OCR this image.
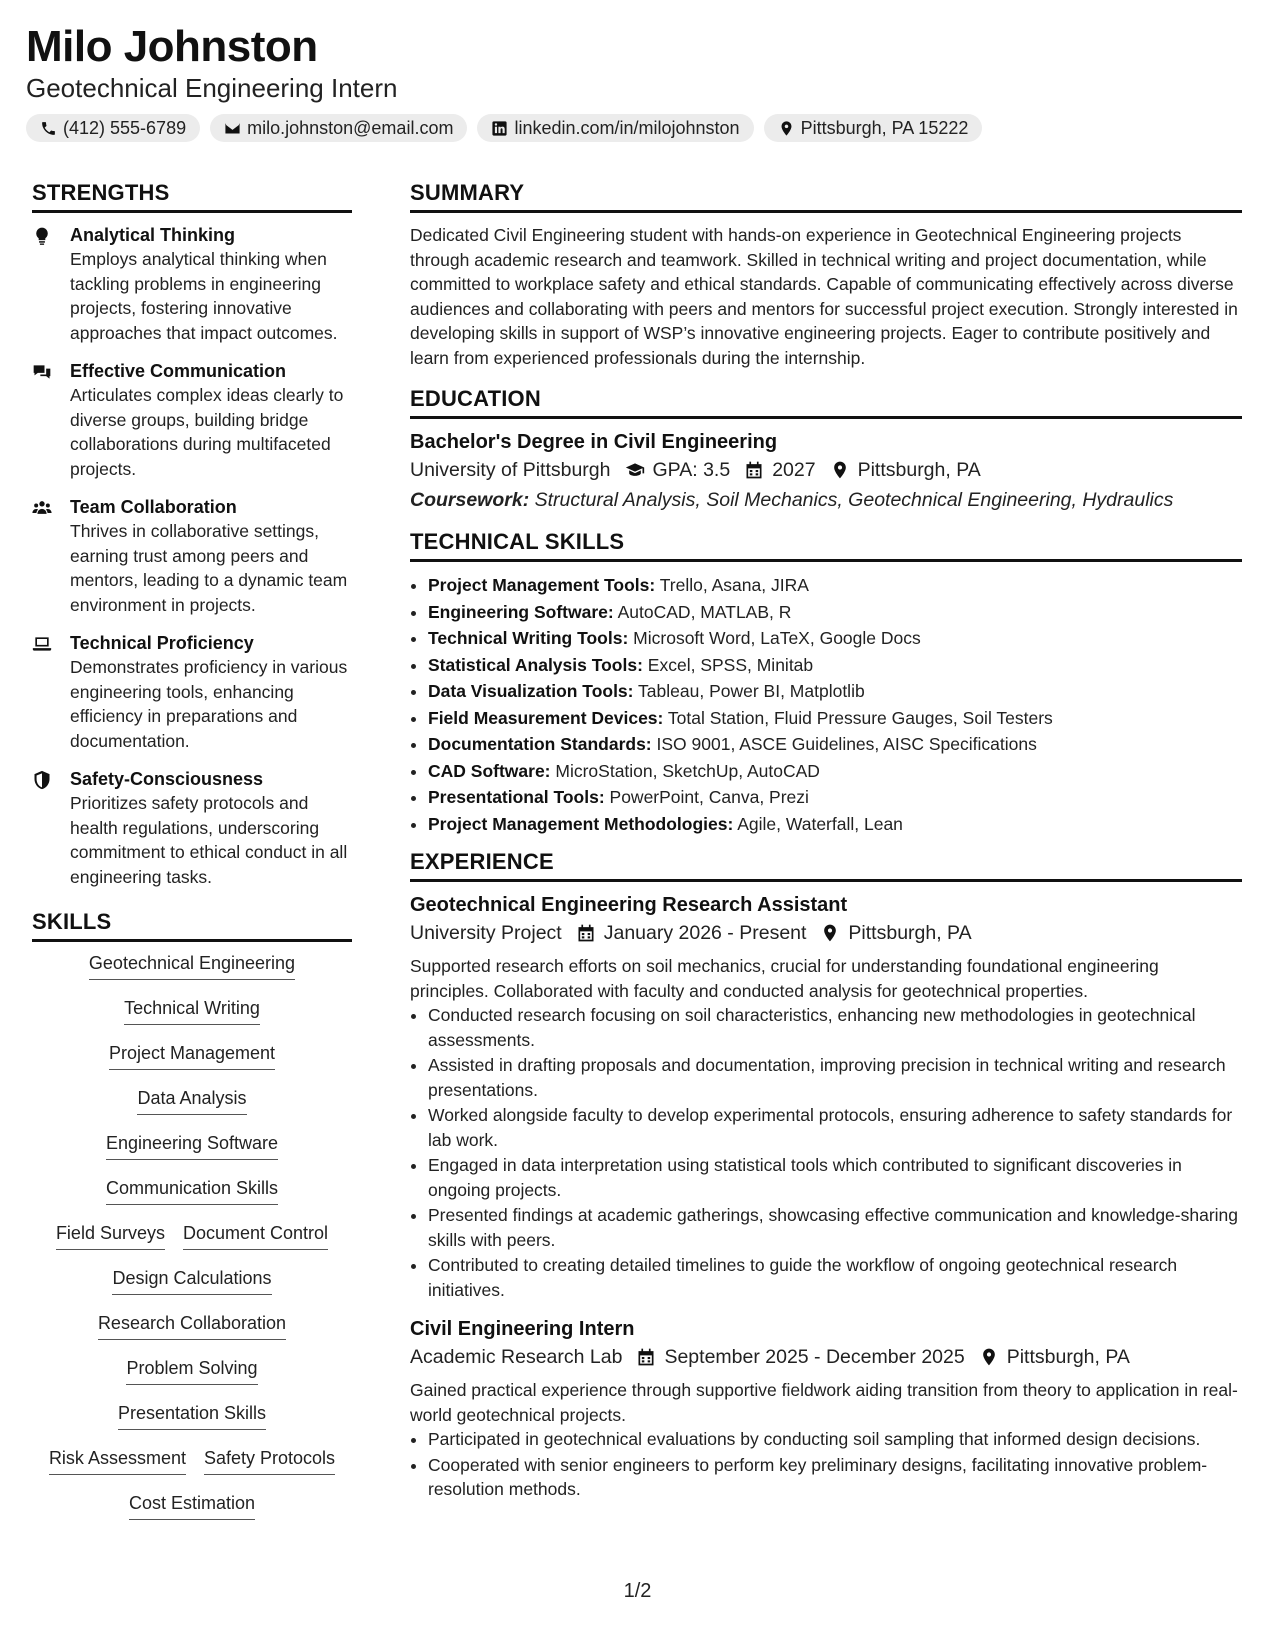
Milo Johnston
Geotechnical Engineering Intern
(412) 555-6789	milo.johnston@email.com	linkedin.com/in/milojohnston	Pittsburgh, PA 15222
STRENGTHS
Analytical Thinking
Employs analytical thinking when tackling problems in engineering projects, fostering innovative approaches that impact outcomes.
Effective Communication
Articulates complex ideas clearly to diverse groups, building bridge collaborations during multifaceted projects.
Team Collaboration
Thrives in collaborative settings, earning trust among peers and mentors, leading to a dynamic team environment in projects.
Technical Proficiency
Demonstrates proficiency in various engineering tools, enhancing efficiency in preparations and documentation.
Safety-Consciousness
Prioritizes safety protocols and health regulations, underscoring commitment to ethical conduct in all engineering tasks.
SKILLS
Geotechnical Engineering
Technical Writing
Project Management
Data Analysis
Engineering Software
Communication Skills
Field Surveys Document Control
Design Calculations
Research Collaboration
Problem Solving
Presentation Skills
Risk Assessment Safety Protocols
Cost Estimation
SUMMARY
Dedicated Civil Engineering student with hands-on experience in Geotechnical Engineering projects through academic research and teamwork. Skilled in technical writing and project documentation, while committed to workplace safety and ethical standards. Capable of communicating effectively across diverse audiences and collaborating with peers and mentors for successful project execution. Strongly interested in developing skills in support of WSP’s innovative engineering projects. Eager to contribute positively and learn from experienced professionals during the internship.
EDUCATION
Bachelor's Degree in Civil Engineering
University of Pittsburgh GPA: 3.5 2027 Pittsburgh, PA
Coursework: Structural Analysis, Soil Mechanics, Geotechnical Engineering, Hydraulics
TECHNICAL SKILLS
• Project Management Tools: Trello, Asana, JIRA
• Engineering Software: AutoCAD, MATLAB, R
• Technical Writing Tools: Microsoft Word, LaTeX, Google Docs
• Statistical Analysis Tools: Excel, SPSS, Minitab
• Data Visualization Tools: Tableau, Power BI, Matplotlib
• Field Measurement Devices: Total Station, Fluid Pressure Gauges, Soil Testers
• Documentation Standards: ISO 9001, ASCE Guidelines, AISC Specifications
• CAD Software: MicroStation, SketchUp, AutoCAD
• Presentational Tools: PowerPoint, Canva, Prezi
• Project Management Methodologies: Agile, Waterfall, Lean
EXPERIENCE
Geotechnical Engineering Research Assistant
University Project January 2026 - Present Pittsburgh, PA
Supported research efforts on soil mechanics, crucial for understanding foundational engineering principles. Collaborated with faculty and conducted analysis for geotechnical properties.
• Conducted research focusing on soil characteristics, enhancing new methodologies in geotechnical assessments.
• Assisted in drafting proposals and documentation, improving precision in technical writing and research presentations.
• Worked alongside faculty to develop experimental protocols, ensuring adherence to safety standards for lab work.
• Engaged in data interpretation using statistical tools which contributed to significant discoveries in ongoing projects.
• Presented findings at academic gatherings, showcasing effective communication and knowledge-sharing skills with peers.
• Contributed to creating detailed timelines to guide the workflow of ongoing geotechnical research initiatives.
Civil Engineering Intern
Academic Research Lab September 2025 - December 2025 Pittsburgh, PA
Gained practical experience through supportive fieldwork aiding transition from theory to application in real-world geotechnical projects.
• Participated in geotechnical evaluations by conducting soil sampling that informed design decisions.
• Cooperated with senior engineers to perform key preliminary designs, facilitating innovative problem-resolution methods.
1/2
